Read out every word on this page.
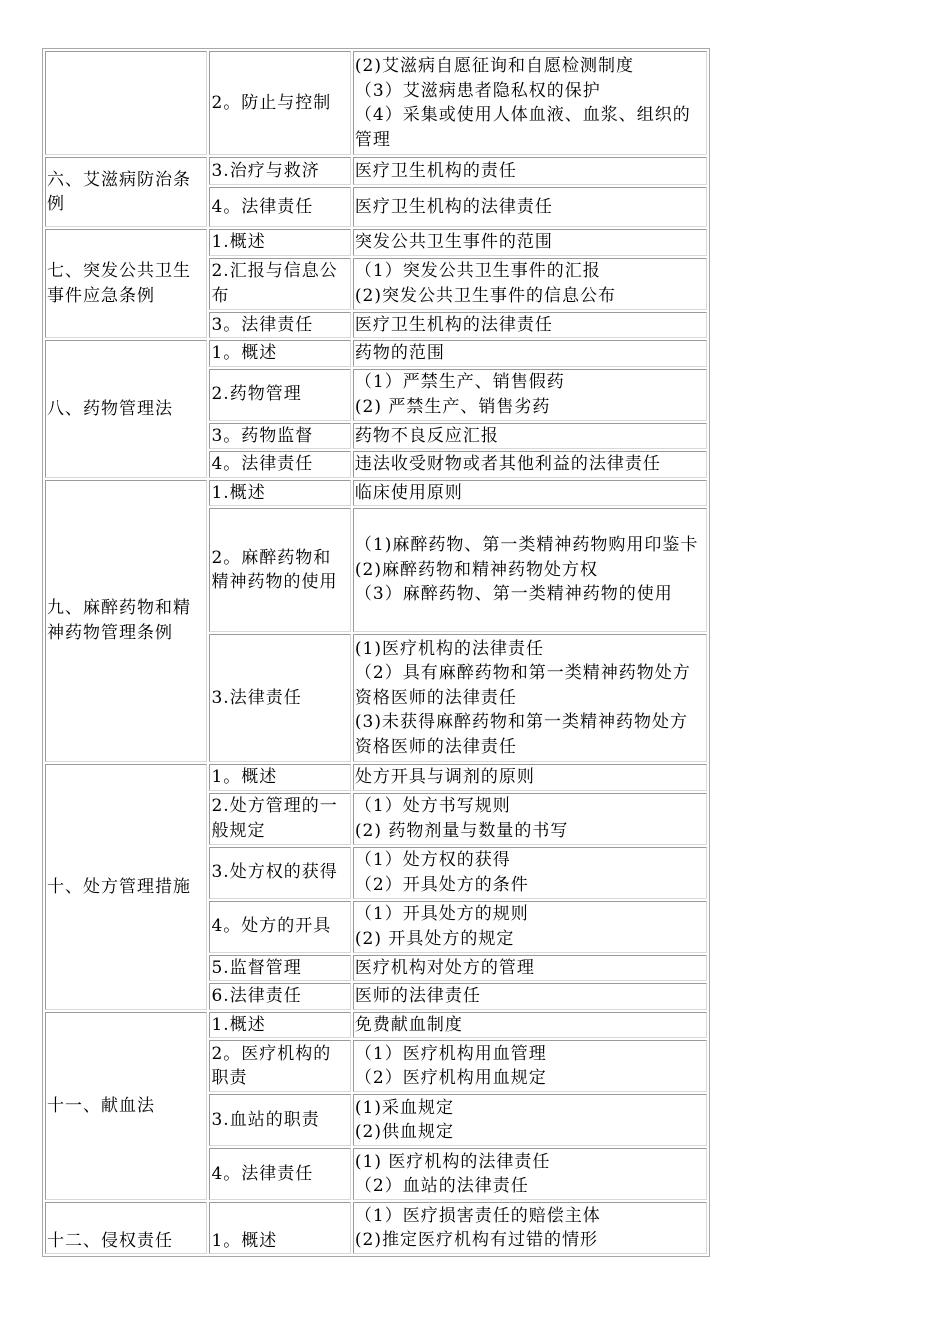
	2。防止与控制	(2)艾滋病自愿征询和自愿检测制度
（3）艾滋病患者隐私权的保护
（4）采集或使用人体血液、血浆、组织的管理

六、艾滋病防治条例	3.治疗与救济	医疗卫生机构的责任

	4。法律责任	医疗卫生机构的法律责任

七、突发公共卫生事件应急条例	1.概述	突发公共卫生事件的范围

	2.汇报与信息公布	（1）突发公共卫生事件的汇报
(2)突发公共卫生事件的信息公布

	3。法律责任	医疗卫生机构的法律责任

八、药物管理法	1。概述	药物的范围

	2.药物管理	（1）严禁生产、销售假药
(2) 严禁生产、销售劣药

	3。药物监督	药物不良反应汇报

	4。法律责任	违法收受财物或者其他利益的法律责任

九、麻醉药物和精神药物管理条例	1.概述	临床使用原则

	2。麻醉药物和精神药物的使用	（1)麻醉药物、第一类精神药物购用印鉴卡
(2)麻醉药物和精神药物处方权
（3）麻醉药物、第一类精神药物的使用

	3.法律责任	(1)医疗机构的法律责任
（2）具有麻醉药物和第一类精神药物处方资格医师的法律责任
(3)未获得麻醉药物和第一类精神药物处方资格医师的法律责任

十、处方管理措施	1。概述	处方开具与调剂的原则

	2.处方管理的一般规定	（1）处方书写规则
(2) 药物剂量与数量的书写

	3.处方权的获得	（1）处方权的获得
（2）开具处方的条件

	4。处方的开具	（1）开具处方的规则
(2) 开具处方的规定

	5.监督管理	医疗机构对处方的管理

	6.法律责任	医师的法律责任

十一、献血法	1.概述	免费献血制度

	2。医疗机构的职责	（1）医疗机构用血管理
（2）医疗机构用血规定

	3.血站的职责	(1)采血规定
(2)供血规定

	4。法律责任	(1) 医疗机构的法律责任
（2）血站的法律责任

十二、侵权责任	1。概述	（1）医疗损害责任的赔偿主体
(2)推定医疗机构有过错的情形
